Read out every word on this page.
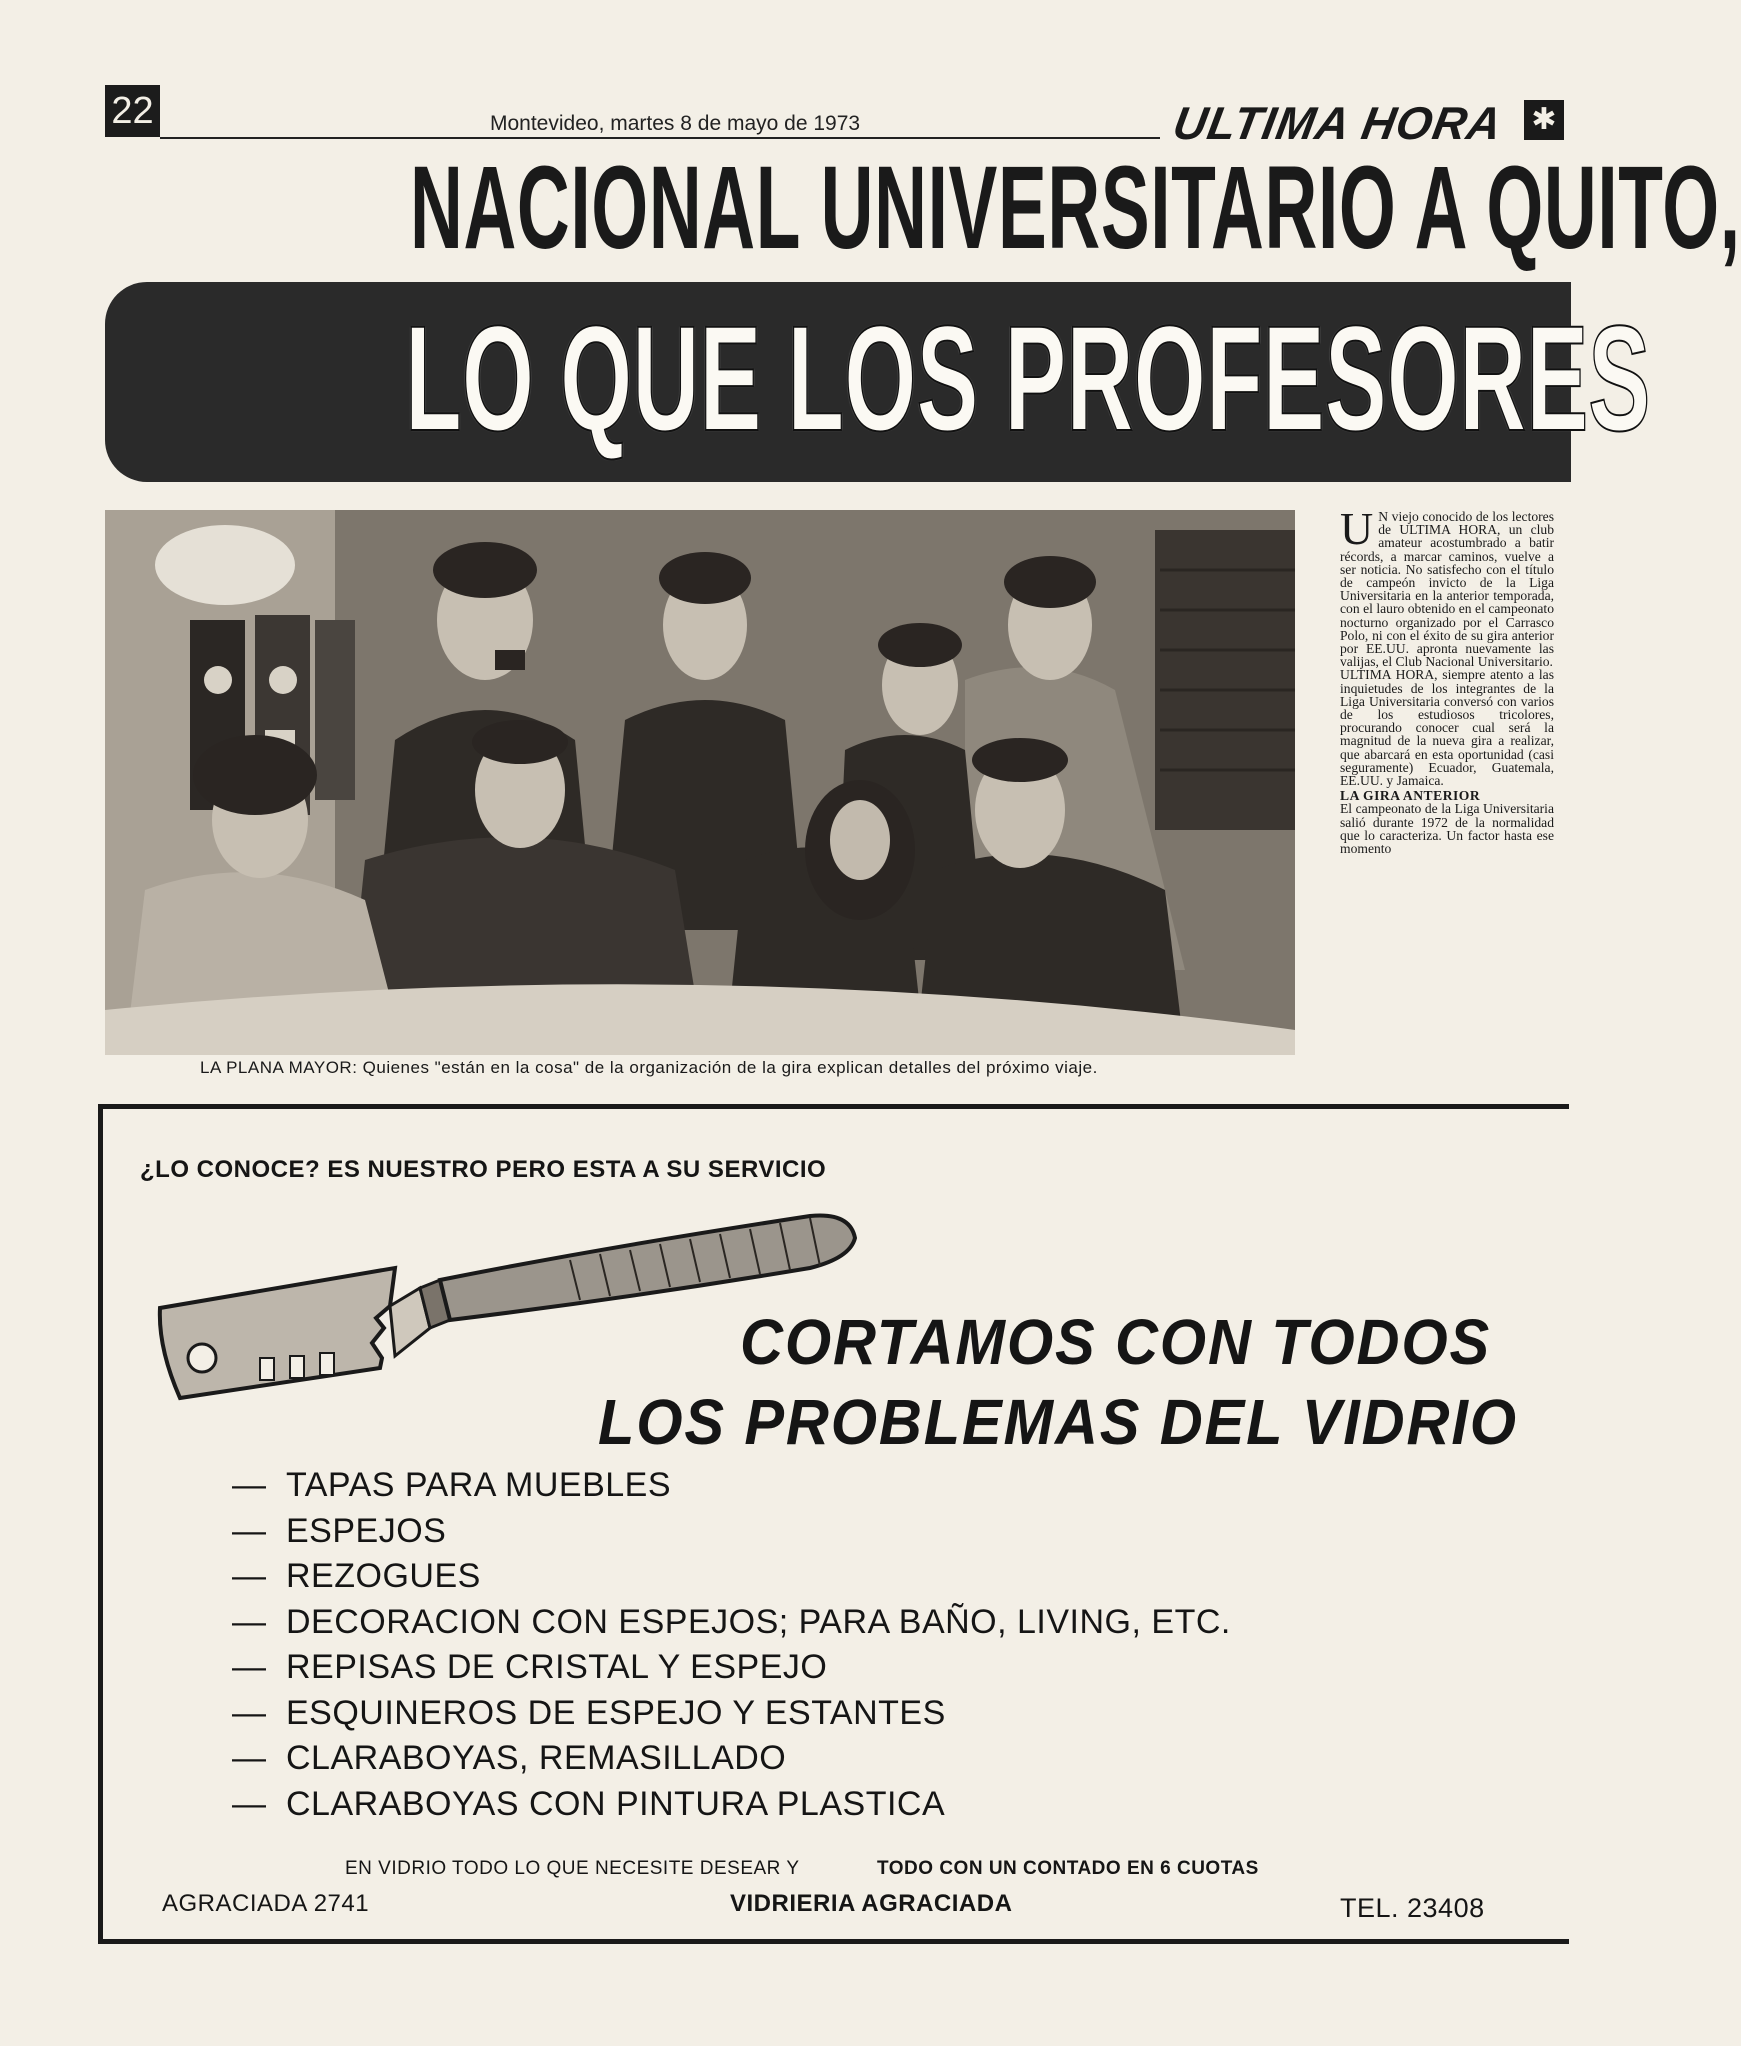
22	Montevideo, martes 8 de mayo de 1973	ULTIMA HORA ✱
NACIONAL UNIVERSITARIO A QUITO,
LO QUE LOS PROFESORES
LA PLANA MAYOR: Quienes "están en la cosa" de la organización de la gira explican detalles del próximo viaje.

U N viejo conocido de los lectores de ULTIMA HORA, un club amateur acostumbrado a batir récords, a marcar caminos, vuelve a ser noticia. No satisfecho con el título de campeón invicto de la Liga Universitaria en la anterior temporada, con el lauro obtenido en el campeonato nocturno organizado por el Carrasco Polo, ni con el éxito de su gira anterior por EE.UU. apronta nuevamente las valijas, el Club Nacional Universitario.

ULTIMA HORA, siempre atento a las inquietudes de los integrantes de la Liga Universitaria conversó con varios de los estudiosos tricolores, procurando conocer cual será la magnitud de la nueva gira a realizar, que abarcará en esta oportunidad (casi seguramente) Ecuador, Guatemala, EE.UU. y Jamaica.

LA GIRA ANTERIOR

El campeonato de la Liga Universitaria salió durante 1972 de la normalidad que lo caracteriza. Un factor hasta ese momento

¿LO CONOCE? ES NUESTRO PERO ESTA A SU SERVICIO
CORTAMOS CON TODOS
LOS PROBLEMAS DEL VIDRIO
— TAPAS PARA MUEBLES
— ESPEJOS
— REZOGUES
— DECORACION CON ESPEJOS; PARA BAÑO, LIVING, ETC.
— REPISAS DE CRISTAL Y ESPEJO
— ESQUINEROS DE ESPEJO Y ESTANTES
— CLARABOYAS, REMASILLADO
— CLARABOYAS CON PINTURA PLASTICA
EN VIDRIO TODO LO QUE NECESITE DESEAR Y	TODO CON UN CONTADO EN 6 CUOTAS
AGRACIADA 2741	VIDRIERIA AGRACIADA	TEL. 23408
